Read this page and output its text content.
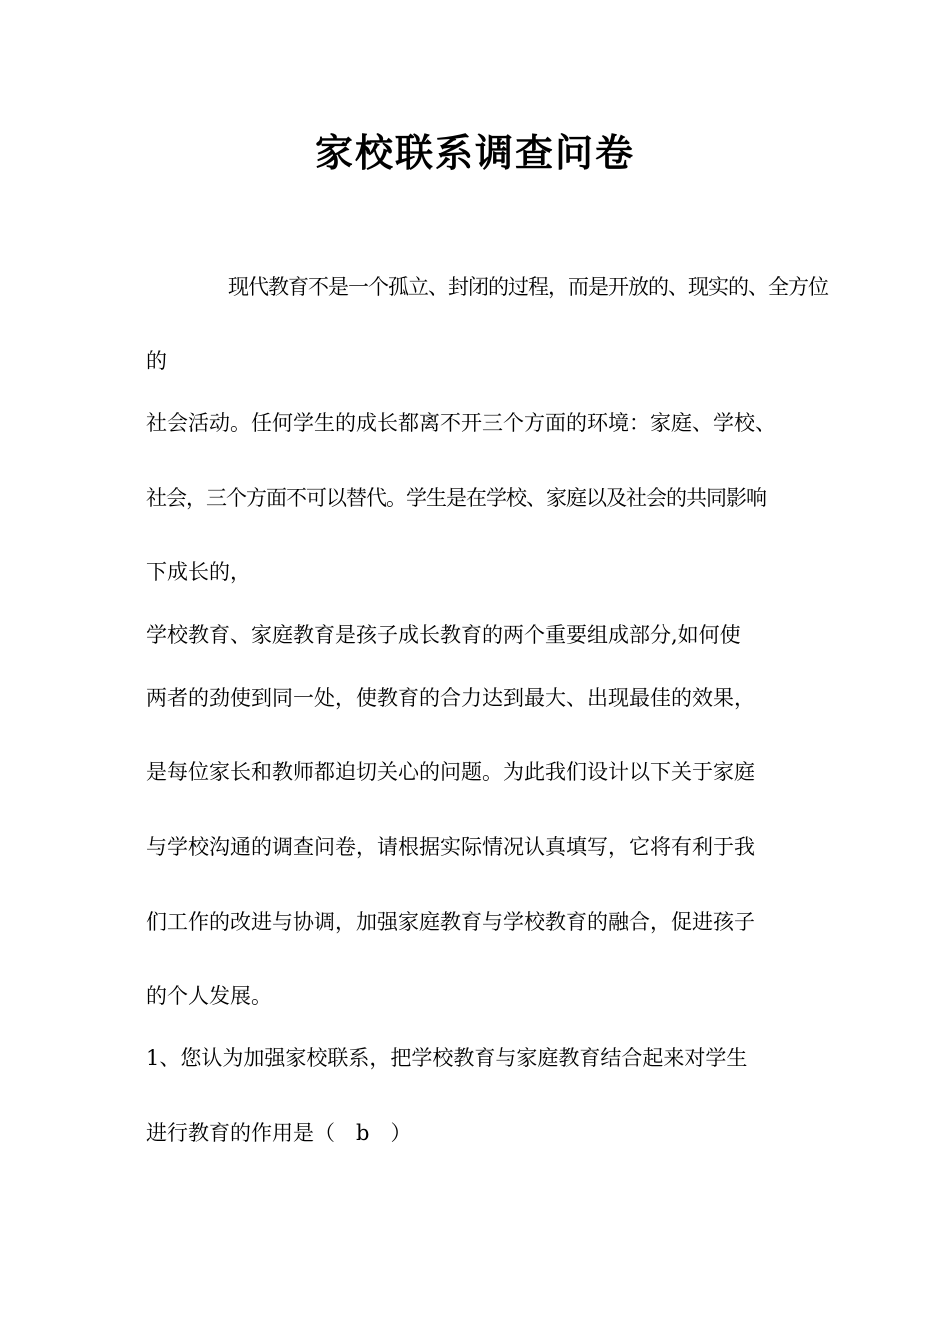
家校联系调查问卷
现代教育不是一个孤立、封闭的过程，而是开放的、现实的、全方位
的
社会活动。任何学生的成长都离不开三个方面的环境：家庭、学校、
社会，三个方面不可以替代。学生是在学校、家庭以及社会的共同影响
下成长的，
学校教育、家庭教育是孩子成长教育的两个重要组成部分,如何使
两者的劲使到同一处，使教育的合力达到最大、出现最佳的效果，
是每位家长和教师都迫切关心的问题。为此我们设计以下关于家庭
与学校沟通的调查问卷，请根据实际情况认真填写，它将有利于我
们工作的改进与协调，加强家庭教育与学校教育的融合，促进孩子
的个人发展。
1、您认为加强家校联系，把学校教育与家庭教育结合起来对学生
进行教育的作用是（　b　）
